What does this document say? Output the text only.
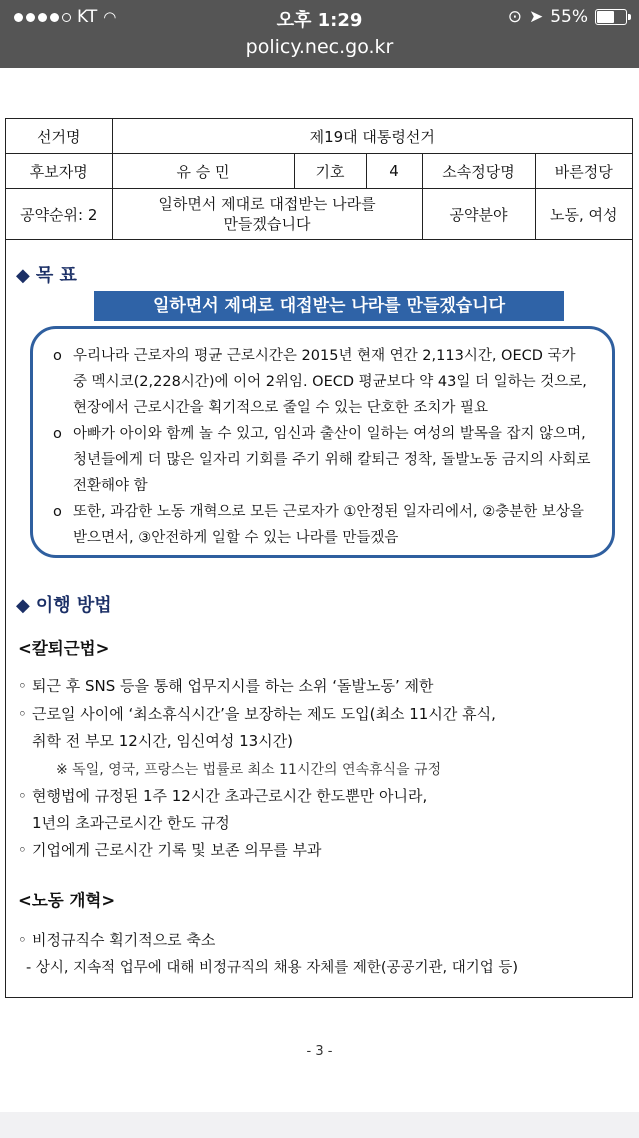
KT ◠	오후 1:29	⊙ ➤ 55%
policy.nec.go.kr
선거명	제19대 대통령선거				
후보자명	유 승 민	기호	4	소속정당명	바른정당
공약순위: 2	일하면서 제대로 대접받는 나라를 만들겠습니다			공약분야	노동, 여성
◆ 목 표
일하면서 제대로 대접받는 나라를 만들겠습니다
o 우리나라 근로자의 평균 근로시간은 2015년 현재 연간 2,113시간, OECD 국가 중 멕시코(2,228시간)에 이어 2위임. OECD 평균보다 약 43일 더 일하는 것으로, 현장에서 근로시간을 획기적으로 줄일 수 있는 단호한 조치가 필요
o 아빠가 아이와 함께 놀 수 있고, 임신과 출산이 일하는 여성의 발목을 잡지 않으며, 청년들에게 더 많은 일자리 기회를 주기 위해 칼퇴근 정착, 돌발노동 금지의 사회로 전환해야 함
o 또한, 과감한 노동 개혁으로 모든 근로자가 ①안정된 일자리에서, ②충분한 보상을 받으면서, ③안전하게 일할 수 있는 나라를 만들겠음
◆ 이행 방법
<칼퇴근법>
◦ 퇴근 후 SNS 등을 통해 업무지시를 하는 소위 ‘돌발노동’ 제한
◦ 근로일 사이에 ‘최소휴식시간’을 보장하는 제도 도입(최소 11시간 휴식,
취학 전 부모 12시간, 임신여성 13시간)
※ 독일, 영국, 프랑스는 법률로 최소 11시간의 연속휴식을 규정
◦ 현행법에 규정된 1주 12시간 초과근로시간 한도뿐만 아니라,
1년의 초과근로시간 한도 규정
◦ 기업에게 근로시간 기록 및 보존 의무를 부과
<노동 개혁>
◦ 비정규직수 획기적으로 축소
- 상시, 지속적 업무에 대해 비정규직의 채용 자체를 제한(공공기관, 대기업 등)
- 3 -
